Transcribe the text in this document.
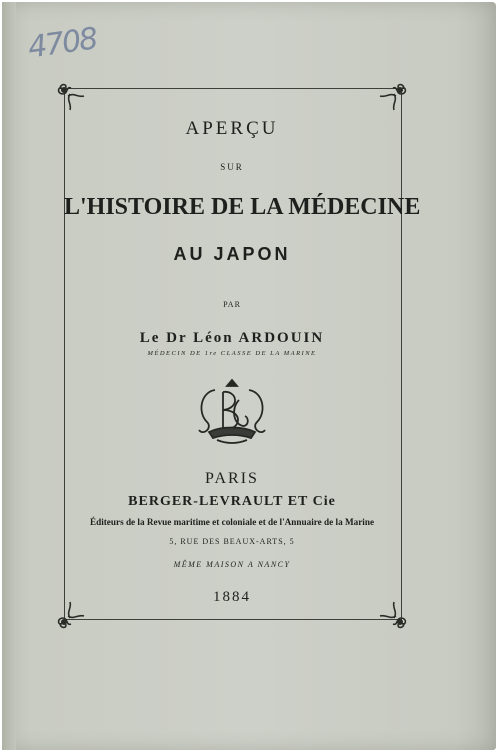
4708
APERÇU
SUR
L'HISTOIRE DE LA MÉDECINE
AU JAPON
PAR
Le Dr Léon ARDOUIN
MÉDECIN DE 1re CLASSE DE LA MARINE
PARIS
BERGER-LEVRAULT ET Cie
Éditeurs de la Revue maritime et coloniale et de l'Annuaire de la Marine
5, RUE DES BEAUX-ARTS, 5
MÊME MAISON A NANCY
1884
